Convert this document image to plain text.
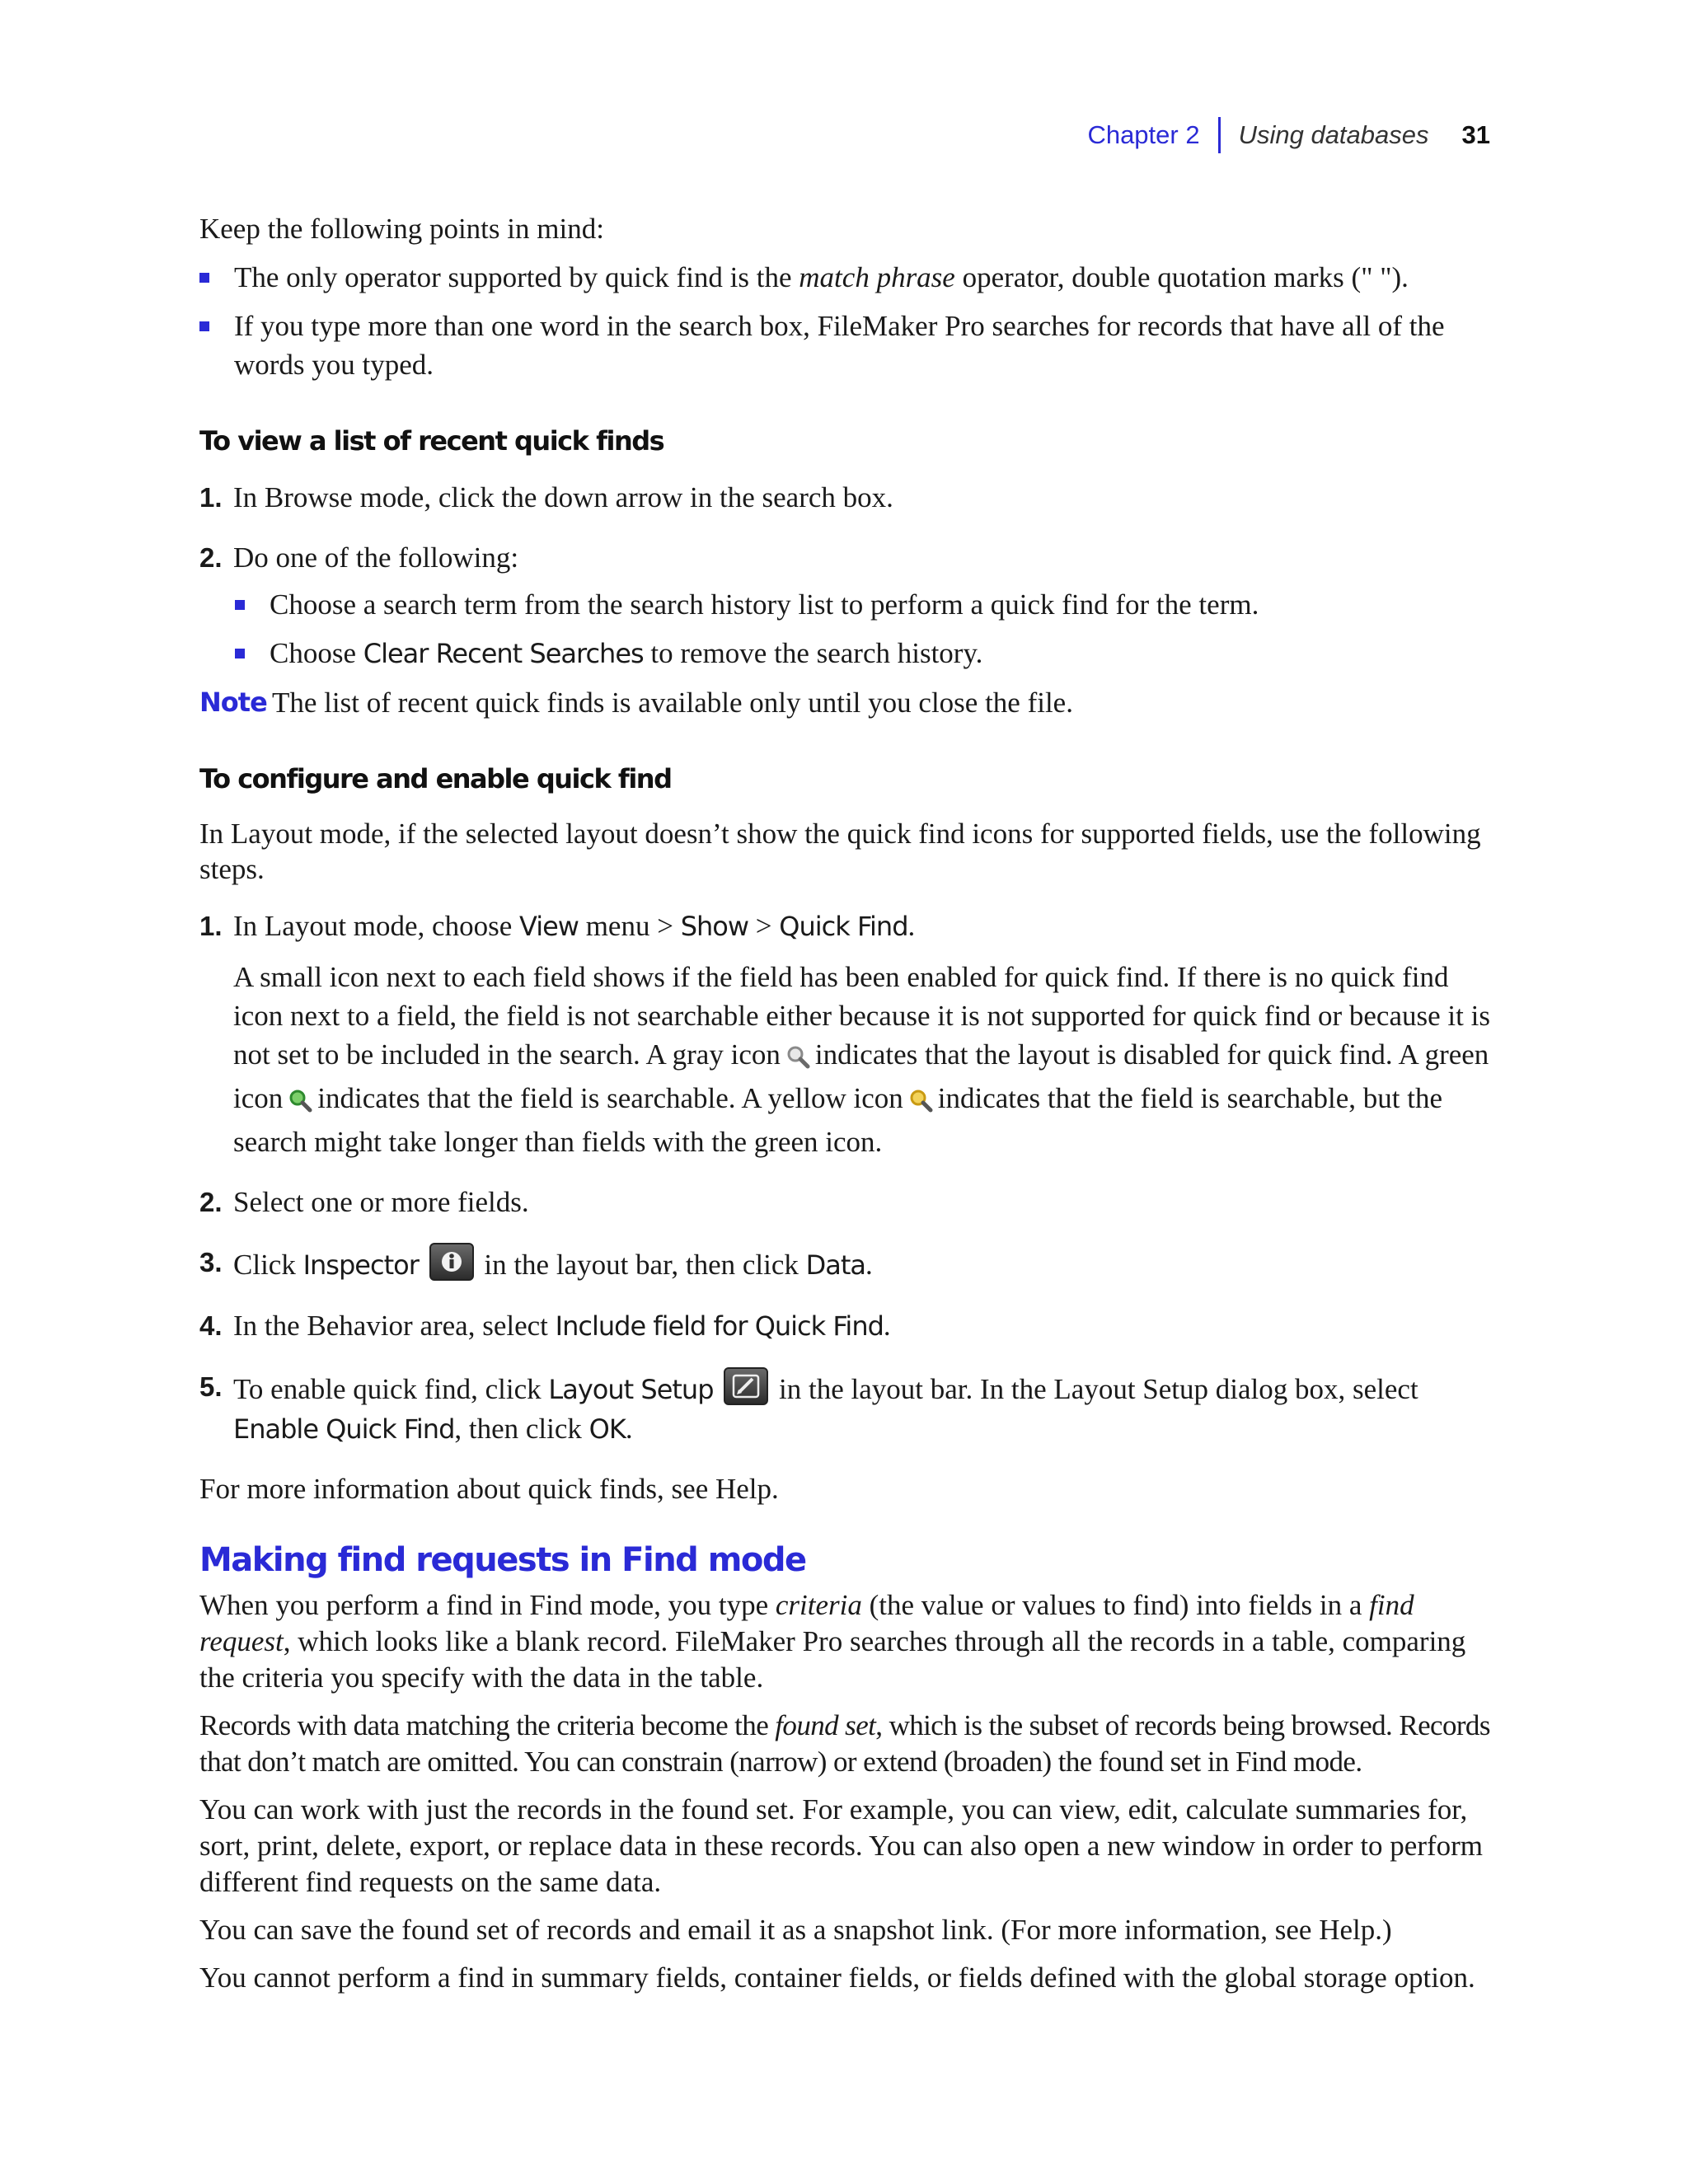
Chapter 2 Using databases 31

Keep the following points in mind:

The only operator supported by quick find is the match phrase operator, double quotation marks (" ").
If you type more than one word in the search box, FileMaker Pro searches for records that have all of the words you typed.
To view a list of recent quick finds
1. In Browse mode, click the down arrow in the search box.
2. Do one of the following:
Choose a search term from the search history list to perform a quick find for the term.
Choose Clear Recent Searches to remove the search history.
Note The list of recent quick finds is available only until you close the file.
To configure and enable quick find

In Layout mode, if the selected layout doesn’t show the quick find icons for supported fields, use the following steps.

1. In Layout mode, choose View menu > Show > Quick Find.

A small icon next to each field shows if the field has been enabled for quick find. If there is no quick find icon next to a field, the field is not searchable either because it is not supported for quick find or because it is not set to be included in the search. A gray icon indicates that the layout is disabled for quick find. A green icon indicates that the field is searchable. A yellow icon indicates that the field is searchable, but the search might take longer than fields with the green icon.

2. Select one or more fields.
3. Click Inspector
in the layout bar, then click Data.
4. In the Behavior area, select Include field for Quick Find.
5. To enable quick find, click Layout Setup
in the layout bar. In the Layout Setup dialog box, select Enable Quick Find, then click OK.

For more information about quick finds, see Help.

Making find requests in Find mode

When you perform a find in Find mode, you type criteria (the value or values to find) into fields in a find request, which looks like a blank record. FileMaker Pro searches through all the records in a table, comparing the criteria you specify with the data in the table.

Records with data matching the criteria become the found set, which is the subset of records being browsed. Records that don’t match are omitted. You can constrain (narrow) or extend (broaden) the found set in Find mode.

You can work with just the records in the found set. For example, you can view, edit, calculate summaries for, sort, print, delete, export, or replace data in these records. You can also open a new window in order to perform different find requests on the same data.

You can save the found set of records and email it as a snapshot link. (For more information, see Help.)

You cannot perform a find in summary fields, container fields, or fields defined with the global storage option.
